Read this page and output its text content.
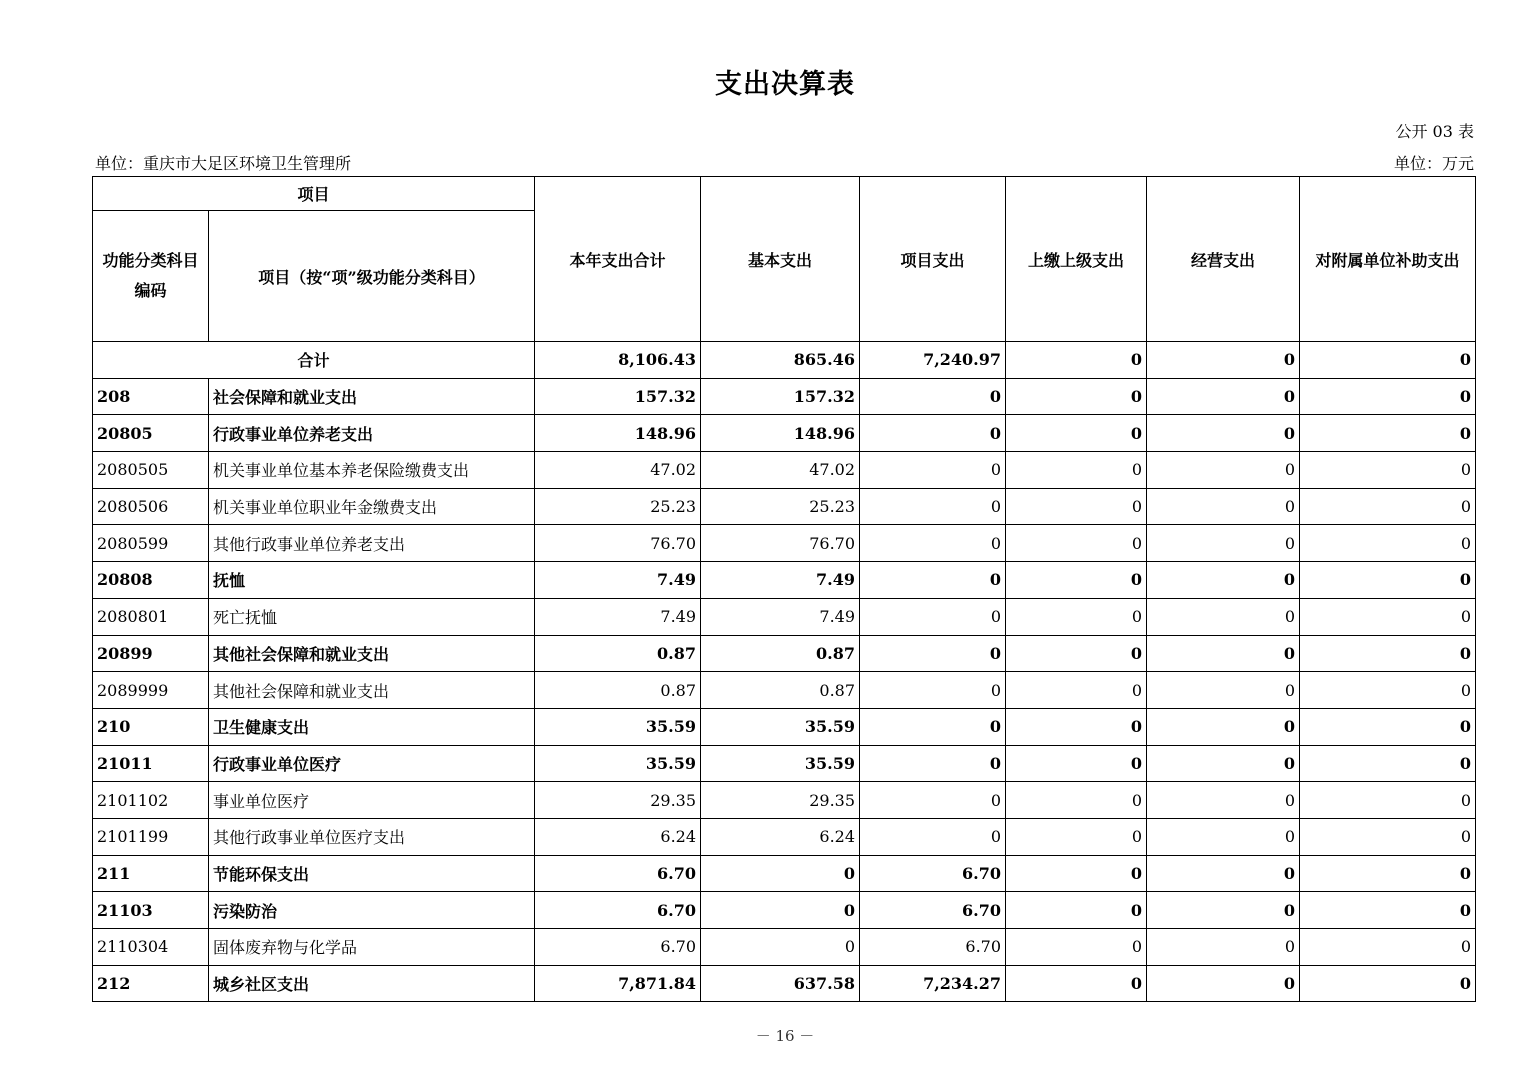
支出决算表
公开 03 表
单位：重庆市大足区环境卫生管理所	单位：万元
项目		本年支出合计	基本支出	项目支出	上缴上级支出	经营支出	对附属单位补助支出
功能分类科目编码	项目（按“项”级功能分类科目）						
合计		8,106.43	865.46	7,240.97	0	0	0
208	社会保障和就业支出	157.32	157.32	0	0	0	0
20805	行政事业单位养老支出	148.96	148.96	0	0	0	0
2080505	机关事业单位基本养老保险缴费支出	47.02	47.02	0	0	0	0
2080506	机关事业单位职业年金缴费支出	25.23	25.23	0	0	0	0
2080599	其他行政事业单位养老支出	76.70	76.70	0	0	0	0
20808	抚恤	7.49	7.49	0	0	0	0
2080801	死亡抚恤	7.49	7.49	0	0	0	0
20899	其他社会保障和就业支出	0.87	0.87	0	0	0	0
2089999	其他社会保障和就业支出	0.87	0.87	0	0	0	0
210	卫生健康支出	35.59	35.59	0	0	0	0
21011	行政事业单位医疗	35.59	35.59	0	0	0	0
2101102	事业单位医疗	29.35	29.35	0	0	0	0
2101199	其他行政事业单位医疗支出	6.24	6.24	0	0	0	0
211	节能环保支出	6.70	0	6.70	0	0	0
21103	污染防治	6.70	0	6.70	0	0	0
2110304	固体废弃物与化学品	6.70	0	6.70	0	0	0
212	城乡社区支出	7,871.84	637.58	7,234.27	0	0	0
－ 16 －
